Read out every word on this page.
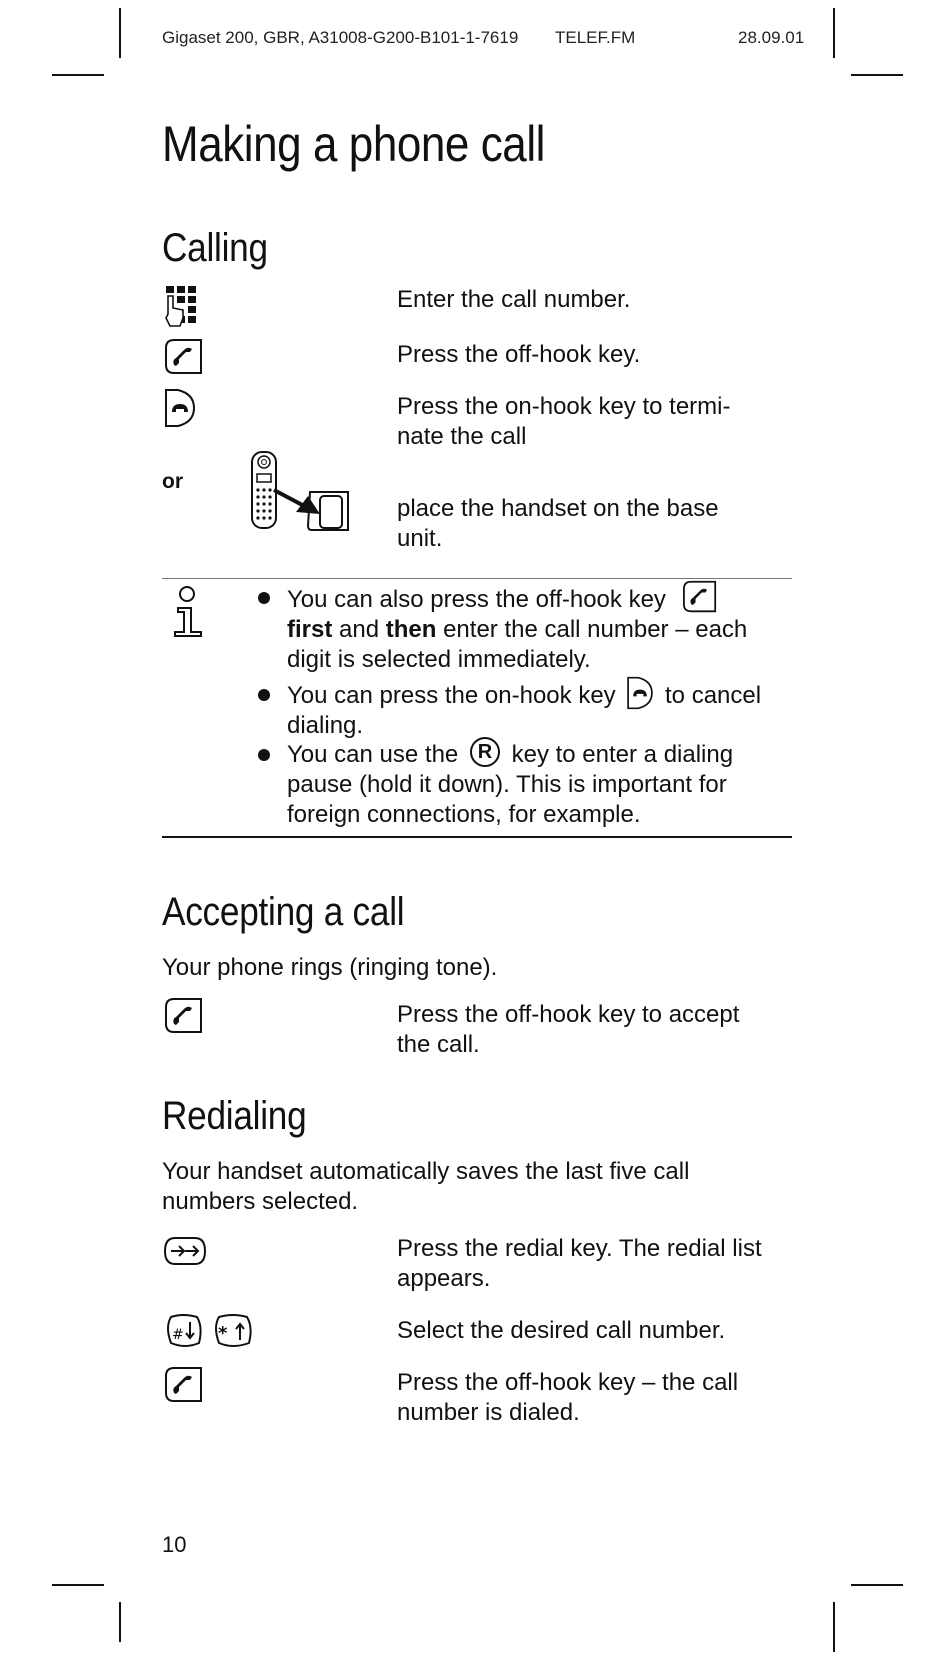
Gigaset 200, GBR, A31008-G200-B101-1-7619 TELEF.FM	28.09.01
Making a phone call
Calling
Enter the call number.
Press the off-hook key.
Press the on-hook key to termi-
nate the call
or
place the handset on the base
unit.
You can also press the off-hook key
first and then enter the call number – each
digit is selected immediately.
You can press the on-hook key to cancel
dialing.
You can use the R key to enter a dialing
pause (hold it down). This is important for
foreign connections, for example.
Accepting a call
Your phone rings (ringing tone).
Press the off-hook key to accept
the call.
Redialing
Your handset automatically saves the last five call
numbers selected.
Press the redial key. The redial list
appears.
# *	Select the desired call number.
Press the off-hook key – the call
number is dialed.
10
